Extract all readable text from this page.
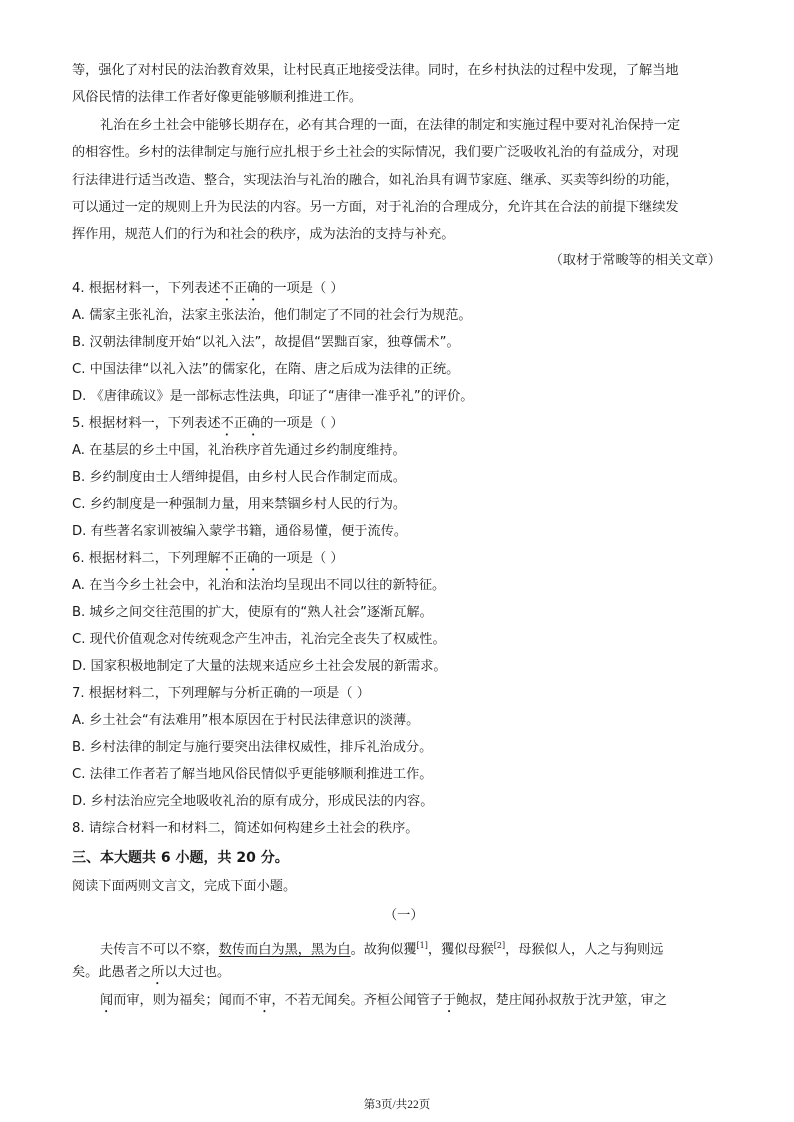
等，强化了对村民的法治教育效果，让村民真正地接受法律。同时，在乡村执法的过程中发现，了解当地
风俗民情的法律工作者好像更能够顺利推进工作。
礼治在乡土社会中能够长期存在，必有其合理的一面，在法律的制定和实施过程中要对礼治保持一定
的相容性。乡村的法律制定与施行应扎根于乡土社会的实际情况，我们要广泛吸收礼治的有益成分，对现
行法律进行适当改造、整合，实现法治与礼治的融合，如礼治具有调节家庭、继承、买卖等纠纷的功能，
可以通过一定的规则上升为民法的内容。另一方面，对于礼治的合理成分，允许其在合法的前提下继续发
挥作用，规范人们的行为和社会的秩序，成为法治的支持与补充。
（取材于常畯等的相关文章）
4. 根据材料一，下列表述不正确的一项是（ ）
A. 儒家主张礼治，法家主张法治，他们制定了不同的社会行为规范。
B. 汉朝法律制度开始“以礼入法”，故提倡“罢黜百家，独尊儒术”。
C. 中国法律“以礼入法”的儒家化，在隋、唐之后成为法律的正统。
D. 《唐律疏议》是一部标志性法典，印证了“唐律一准乎礼”的评价。
5. 根据材料一，下列表述不正确的一项是（ ）
A. 在基层的乡土中国，礼治秩序首先通过乡约制度维持。
B. 乡约制度由士人缙绅提倡，由乡村人民合作制定而成。
C. 乡约制度是一种强制力量，用来禁锢乡村人民的行为。
D. 有些著名家训被编入蒙学书籍，通俗易懂，便于流传。
6. 根据材料二，下列理解不正确的一项是（ ）
A. 在当今乡土社会中，礼治和法治均呈现出不同以往的新特征。
B. 城乡之间交往范围的扩大，使原有的“熟人社会”逐渐瓦解。
C. 现代价值观念对传统观念产生冲击，礼治完全丧失了权威性。
D. 国家积极地制定了大量的法规来适应乡土社会发展的新需求。
7. 根据材料二，下列理解与分析正确的一项是（ ）
A. 乡土社会“有法难用”根本原因在于村民法律意识的淡薄。
B. 乡村法律的制定与施行要突出法律权威性，排斥礼治成分。
C. 法律工作者若了解当地风俗民情似乎更能够顺利推进工作。
D. 乡村法治应完全地吸收礼治的原有成分，形成民法的内容。
8. 请综合材料一和材料二，简述如何构建乡土社会的秩序。
三、本大题共 6 小题，共 20 分。
阅读下面两则文言文，完成下面小题。
（一）
夫传言不可以不察，数传而白为黑，黑为白。故狗似玃[1]，玃似母猴[2]，母猴似人，人之与狗则远
矣。此愚者之所以大过也。
闻而审，则为福矣；闻而不审，不若无闻矣。齐桓公闻管子于鲍叔，楚庄闻孙叔敖于沈尹筮，审之
第3页/共22页
